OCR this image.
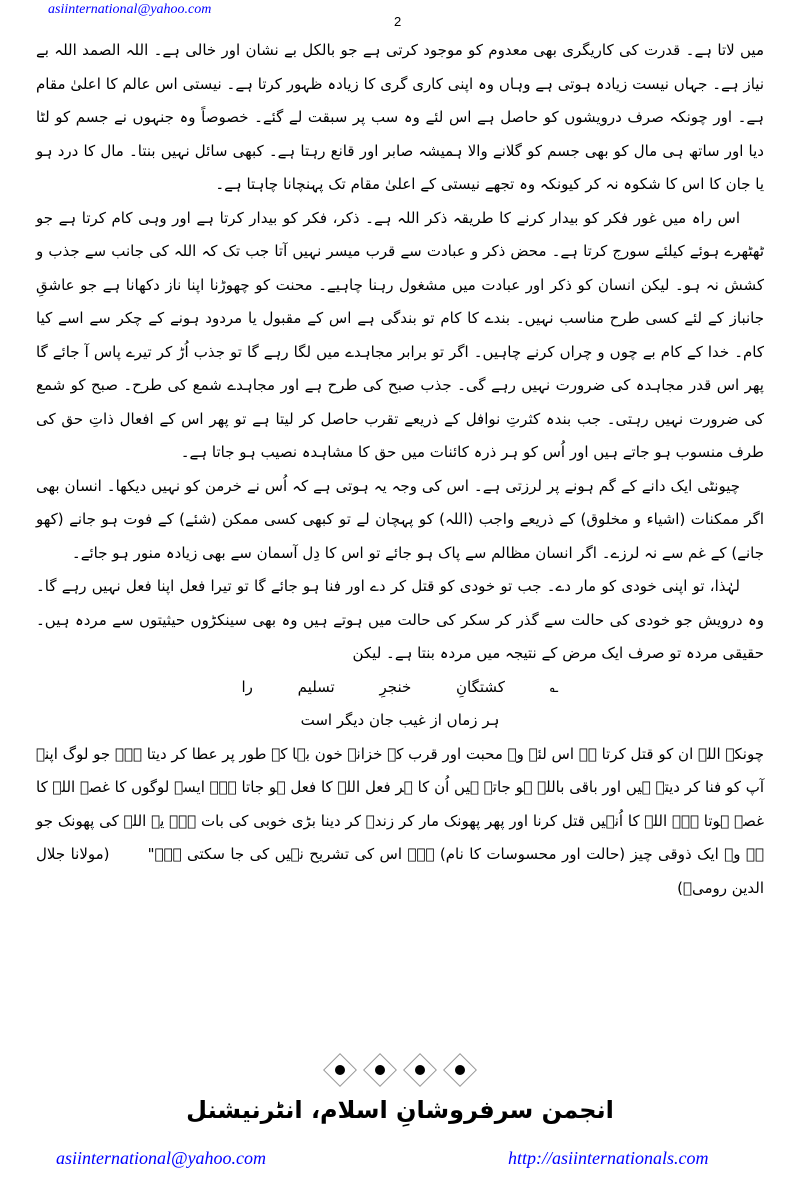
asiinternational@yahoo.com
2

میں لاتا ہے۔ قدرت کی کاریگری بھی معدوم کو موجود کرتی ہے جو بالکل بے نشان اور خالی ہے۔ اللہ الصمد اللہ بے نیاز ہے۔ جہاں نیست زیادہ ہوتی ہے وہاں وہ اپنی کاری گری کا زیادہ ظہور کرتا ہے۔ نیستی اس عالم کا اعلیٰ مقام ہے۔ اور چونکہ صرف درویشوں کو حاصل ہے اس لئے وہ سب پر سبقت لے گئے۔ خصوصاً وہ جنہوں نے جسم کو لٹا دیا اور ساتھ ہی مال کو بھی جسم کو گلانے والا ہمیشہ صابر اور قانع رہتا ہے۔ کبھی سائل نہیں بنتا۔ مال کا درد ہو یا جان کا اس کا شکوہ نہ کر کیونکہ وہ تجھے نیستی کے اعلیٰ مقام تک پہنچانا چاہتا ہے۔

اس راہ میں غور فکر کو بیدار کرنے کا طریقہ ذکر اللہ ہے۔ ذکر، فکر کو بیدار کرتا ہے اور وہی کام کرتا ہے جو ٹھٹھرے ہوئے کیلئے سورج کرتا ہے۔ محض ذکر و عبادت سے قرب میسر نہیں آتا جب تک کہ اللہ کی جانب سے جذب و کشش نہ ہو۔ لیکن انسان کو ذکر اور عبادت میں مشغول رہنا چاہیے۔ محنت کو چھوڑنا اپنا ناز دکھانا ہے جو عاشقِ جانباز کے لئے کسی طرح مناسب نہیں۔ بندے کا کام تو بندگی ہے اس کے مقبول یا مردود ہونے کے چکر سے اسے کیا کام۔ خدا کے کام بے چوں و چراں کرنے چاہیں۔ اگر تو برابر مجاہدے میں لگا رہے گا تو جذب اُڑ کر تیرے پاس آ جائے گا پھر اس قدر مجاہدہ کی ضرورت نہیں رہے گی۔ جذب صبح کی طرح ہے اور مجاہدے شمع کی طرح۔ صبح کو شمع کی ضرورت نہیں رہتی۔ جب بندہ کثرتِ نوافل کے ذریعے تقرب حاصل کر لیتا ہے تو پھر اس کے افعال ذاتِ حق کی طرف منسوب ہو جاتے ہیں اور اُس کو ہر ذرہ کائنات میں حق کا مشاہدہ نصیب ہو جاتا ہے۔

چیونٹی ایک دانے کے گم ہونے پر لرزتی ہے۔ اس کی وجہ یہ ہوتی ہے کہ اُس نے خرمن کو نہیں دیکھا۔ انسان بھی اگر ممکنات (اشیاء و مخلوق) کے ذریعے واجب (اللہ) کو پہچان لے تو کبھی کسی ممکن (شئے) کے فوت ہو جانے (کھو جانے) کے غم سے نہ لرزے۔ اگر انسان مظالم سے پاک ہو جائے تو اس کا دِل آسمان سے بھی زیادہ منور ہو جائے۔

لہٰذا، تو اپنی خودی کو مار دے۔ جب تو خودی کو قتل کر دے اور فنا ہو جائے گا تو تیرا فعل اپنا فعل نہیں رہے گا۔ وہ درویش جو خودی کی حالت سے گذر کر سکر کی حالت میں ہوتے ہیں وہ بھی سینکڑوں حیثیتوں سے مردہ ہیں۔ حقیقی مردہ تو صرف ایک مرض کے نتیجہ میں مردہ بنتا ہے۔ لیکن

؎ کشتگانِ خنجرِ تسلیم را

ہر زماں از غیب جان دیگر است

چونکہ اللہ ان کو قتل کرتا ہے اس لئے وہ محبت اور قرب کے خزانے خون بہا کے طور پر عطا کر دیتا ہے۔ جو لوگ اپنے آپ کو فنا کر دیتے ہیں اور باقی باللہ ہو جاتے ہیں اُن کا ہر فعل اللہ کا فعل ہو جاتا ہے۔ ایسے لوگوں کا غصہ اللہ کا غصہ ہوتا ہے۔ اللہ کا اُنہیں قتل کرنا اور پھر پھونک مار کر زندہ کر دینا بڑی خوبی کی بات ہے۔ یہ اللہ کی پھونک جو ہے وہ ایک ذوقی چیز (حالت اور محسوسات کا نام) ہے۔ اس کی تشریح نہیں کی جا سکتی ہے۔"       (مولانا جلال الدین رومیؒ)

انجمن سرفروشانِ اسلام، انٹرنیشنل
asiinternational@yahoo.com	http://asiinternationals.com
